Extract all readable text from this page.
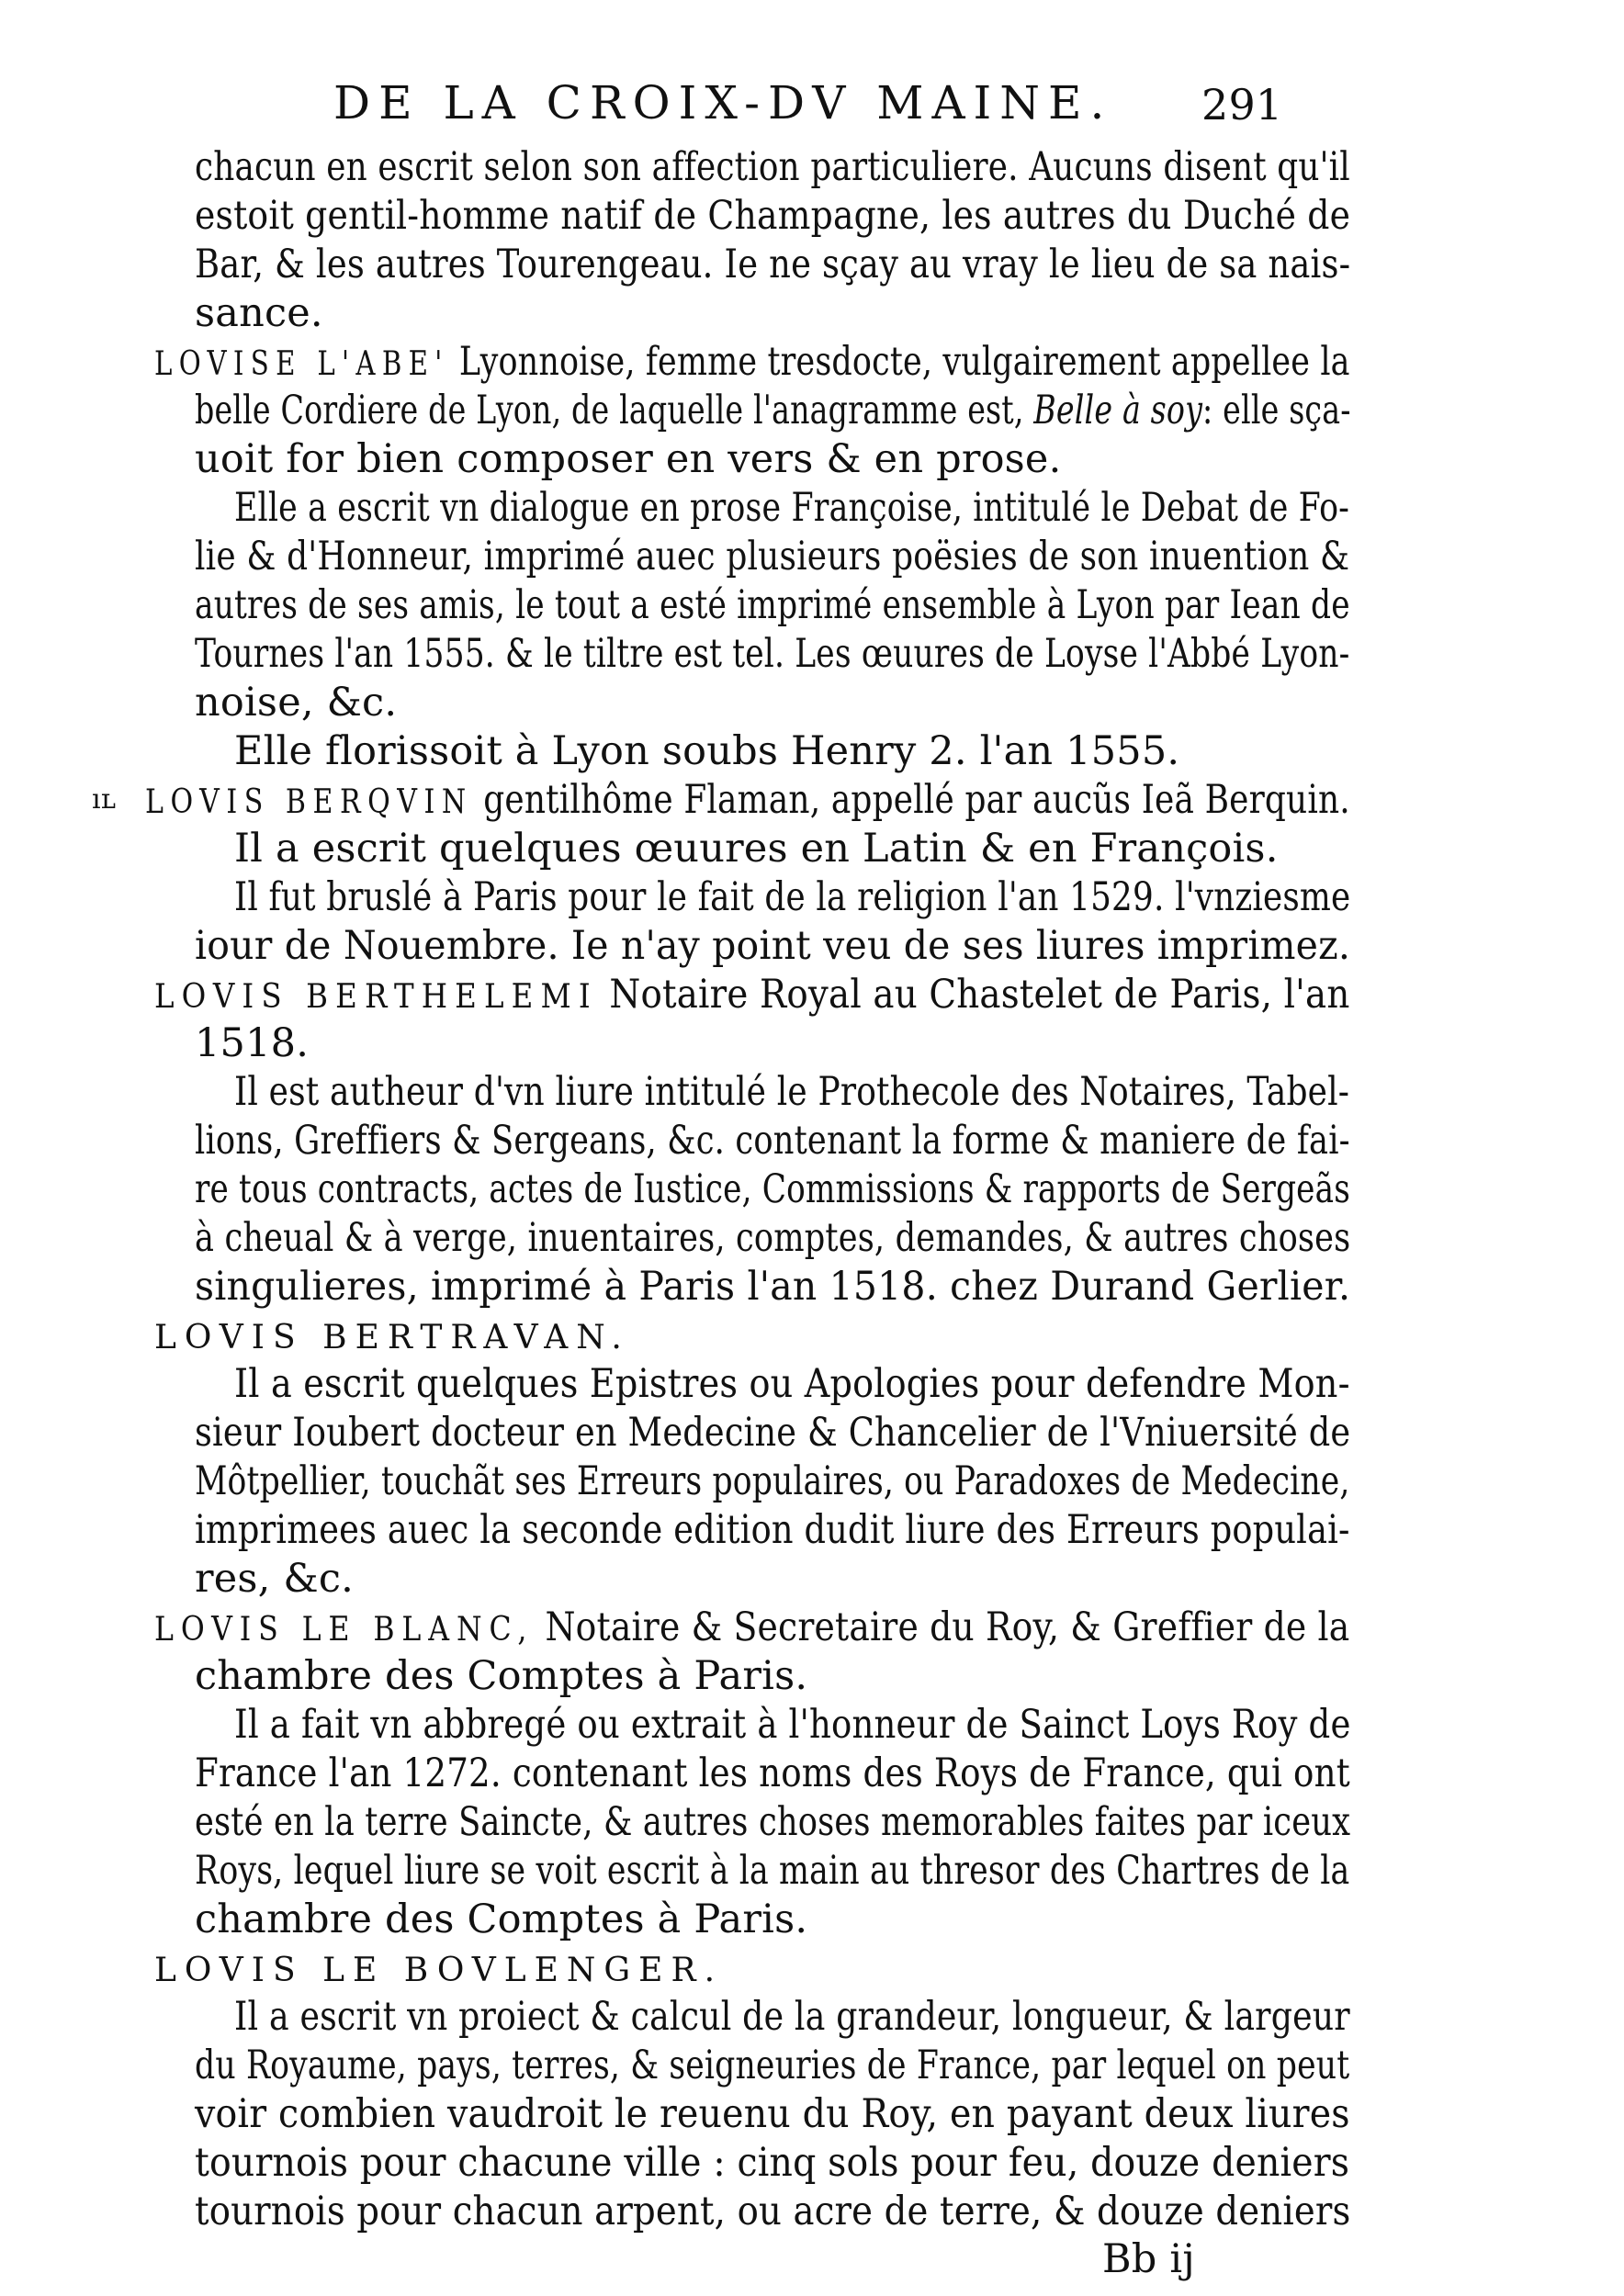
DE LA CROIX-DV MAINE. 291
chacun en escrit selon son affection particuliere. Aucuns disent qu'il
estoit gentil-homme natif de Champagne, les autres du Duché de
Bar, & les autres Tourengeau. Ie ne sçay au vray le lieu de sa nais-
sance.
LOVISE L'ABE' Lyonnoise, femme tresdocte, vulgairement appellee la
belle Cordiere de Lyon, de laquelle l'anagramme est, Belle à soy: elle sça-
uoit for bien composer en vers & en prose.
Elle a escrit vn dialogue en prose Françoise, intitulé le Debat de Fo-
lie & d'Honneur, imprimé auec plusieurs poësies de son inuention &
autres de ses amis, le tout a esté imprimé ensemble à Lyon par Iean de
Tournes l'an 1555. & le tiltre est tel. Les œuures de Loyse l'Abbé Lyon-
noise, &c.
Elle florissoit à Lyon soubs Henry 2. l'an 1555.
ıʟ LOVIS BERQVIN gentilhôme Flaman, appellé par aucũs Ieã Berquin.
Il a escrit quelques œuures en Latin & en François.
Il fut bruslé à Paris pour le fait de la religion l'an 1529. l'vnziesme
iour de Nouembre. Ie n'ay point veu de ses liures imprimez.
LOVIS BERTHELEMI Notaire Royal au Chastelet de Paris, l'an
1518.
Il est autheur d'vn liure intitulé le Prothecole des Notaires, Tabel-
lions, Greffiers & Sergeans, &c. contenant la forme & maniere de fai-
re tous contracts, actes de Iustice, Commissions & rapports de Sergeãs
à cheual & à verge, inuentaires, comptes, demandes, & autres choses
singulieres, imprimé à Paris l'an 1518. chez Durand Gerlier.
LOVIS BERTRAVAN.
Il a escrit quelques Epistres ou Apologies pour defendre Mon-
sieur Ioubert docteur en Medecine & Chancelier de l'Vniuersité de
Môtpellier, touchãt ses Erreurs populaires, ou Paradoxes de Medecine,
imprimees auec la seconde edition dudit liure des Erreurs populai-
res, &c.
LOVIS LE BLANC, Notaire & Secretaire du Roy, & Greffier de la
chambre des Comptes à Paris.
Il a fait vn abbregé ou extrait à l'honneur de Sainct Loys Roy de
France l'an 1272. contenant les noms des Roys de France, qui ont
esté en la terre Saincte, & autres choses memorables faites par iceux
Roys, lequel liure se voit escrit à la main au thresor des Chartres de la
chambre des Comptes à Paris.
LOVIS LE BOVLENGER.
Il a escrit vn proiect & calcul de la grandeur, longueur, & largeur
du Royaume, pays, terres, & seigneuries de France, par lequel on peut
voir combien vaudroit le reuenu du Roy, en payant deux liures
tournois pour chacune ville : cinq sols pour feu, douze deniers
tournois pour chacun arpent, ou acre de terre, & douze deniers
Bb ij
